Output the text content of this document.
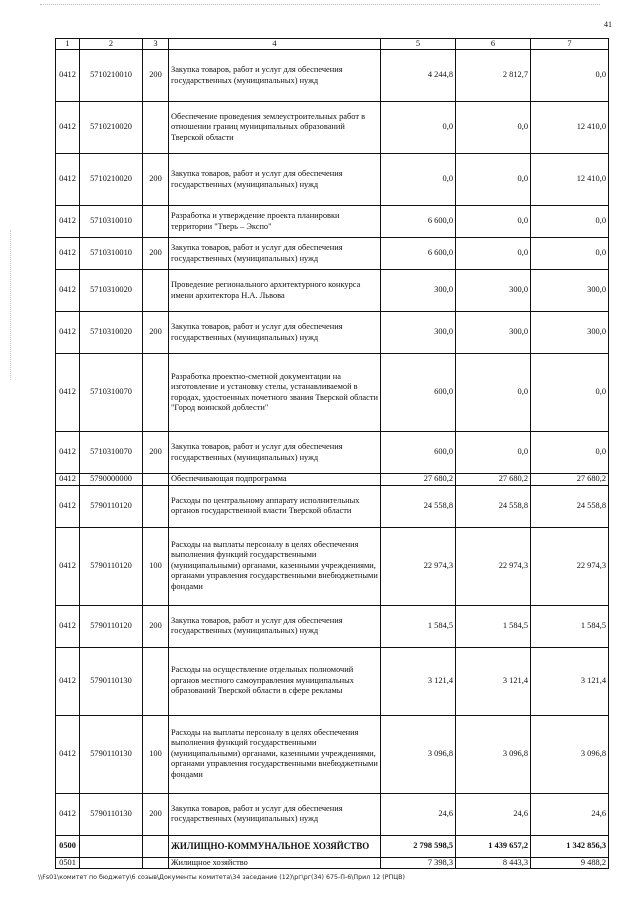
41
1	2	3	4	5	6	7
0412	5710210010	200	Закупка товаров, работ и услуг для обеспечения государственных (муниципальных) нужд	4 244,8	2 812,7	0,0
0412	5710210020		Обеспечение проведения землеустроительных работ в отношении границ муниципальных образований Тверской области	0,0	0,0	12 410,0
0412	5710210020	200	Закупка товаров, работ и услуг для обеспечения государственных (муниципальных) нужд	0,0	0,0	12 410,0
0412	5710310010		Разработка и утверждение проекта планировки территории "Тверь – Экспо"	6 600,0	0,0	0,0
0412	5710310010	200	Закупка товаров, работ и услуг для обеспечения государственных (муниципальных) нужд	6 600,0	0,0	0,0
0412	5710310020		Проведение регионального архитектурного конкурса имени архитектора Н.А. Львова	300,0	300,0	300,0
0412	5710310020	200	Закупка товаров, работ и услуг для обеспечения государственных (муниципальных) нужд	300,0	300,0	300,0
0412	5710310070		Разработка проектно-сметной документации на изготовление и установку стелы, устанавливаемой в городах, удостоенных почетного звания Тверской области "Город воинской доблести"	600,0	0,0	0,0
0412	5710310070	200	Закупка товаров, работ и услуг для обеспечения государственных (муниципальных) нужд	600,0	0,0	0,0
0412	5790000000		Обеспечивающая подпрограмма	27 680,2	27 680,2	27 680,2
0412	5790110120		Расходы по центральному аппарату исполнительных органов государственной власти Тверской области	24 558,8	24 558,8	24 558,8
0412	5790110120	100	Расходы на выплаты персоналу в целях обеспечения выполнения функций государственными (муниципальными) органами, казенными учреждениями, органами управления государственными внебюджетными фондами	22 974,3	22 974,3	22 974,3
0412	5790110120	200	Закупка товаров, работ и услуг для обеспечения государственных (муниципальных) нужд	1 584,5	1 584,5	1 584,5
0412	5790110130		Расходы на осуществление отдельных полномочий органов местного самоуправления муниципальных образований Тверской области в сфере рекламы	3 121,4	3 121,4	3 121,4
0412	5790110130	100	Расходы на выплаты персоналу в целях обеспечения выполнения функций государственными (муниципальными) органами, казенными учреждениями, органами управления государственными внебюджетными фондами	3 096,8	3 096,8	3 096,8
0412	5790110130	200	Закупка товаров, работ и услуг для обеспечения государственных (муниципальных) нужд	24,6	24,6	24,6
0500			ЖИЛИЩНО-КОММУНАЛЬНОЕ ХОЗЯЙСТВО	2 798 598,5	1 439 657,2	1 342 856,3
0501			Жилищное хозяйство	7 398,3	8 443,3	9 488,2
\\Fs01\комитет по бюджету\6 созыв\Документы комитета\34 заседание (12)\рг\рг(34) 675-П-6\Прил 12 (РПЦВ)
